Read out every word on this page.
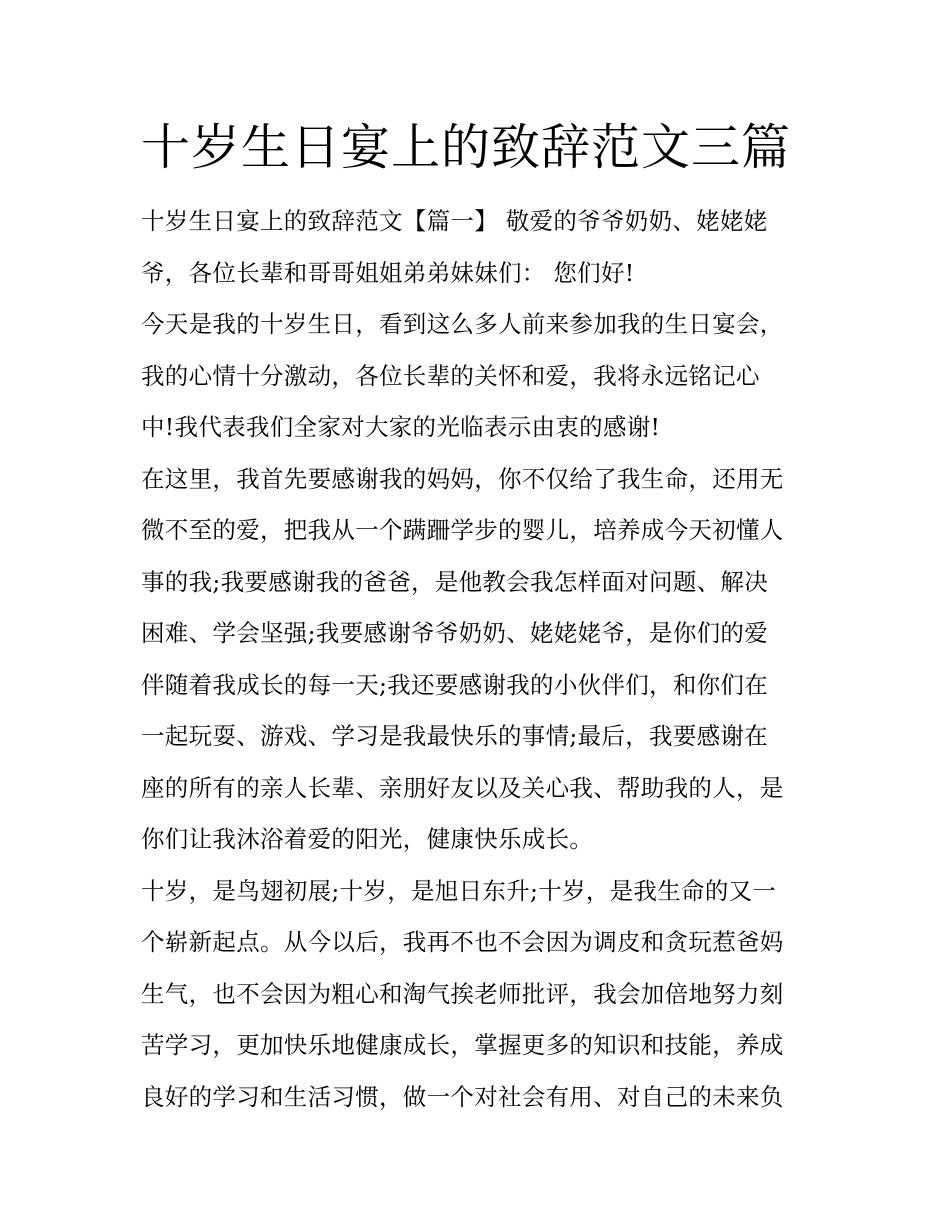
十岁生日宴上的致辞范文三篇
十岁生日宴上的致辞范文【篇一】 敬爱的爷爷奶奶、姥姥姥
爷，各位长辈和哥哥姐姐弟弟妹妹们： 您们好!
今天是我的十岁生日，看到这么多人前来参加我的生日宴会，
我的心情十分激动，各位长辈的关怀和爱，我将永远铭记心
中!我代表我们全家对大家的光临表示由衷的感谢!
在这里，我首先要感谢我的妈妈，你不仅给了我生命，还用无
微不至的爱，把我从一个蹒跚学步的婴儿，培养成今天初懂人
事的我;我要感谢我的爸爸，是他教会我怎样面对问题、解决
困难、学会坚强;我要感谢爷爷奶奶、姥姥姥爷，是你们的爱
伴随着我成长的每一天;我还要感谢我的小伙伴们，和你们在
一起玩耍、游戏、学习是我最快乐的事情;最后，我要感谢在
座的所有的亲人长辈、亲朋好友以及关心我、帮助我的人，是
你们让我沐浴着爱的阳光，健康快乐成长。
十岁，是鸟翅初展;十岁，是旭日东升;十岁，是我生命的又一
个崭新起点。从今以后，我再不也不会因为调皮和贪玩惹爸妈
生气，也不会因为粗心和淘气挨老师批评，我会加倍地努力刻
苦学习，更加快乐地健康成长，掌握更多的知识和技能，养成
良好的学习和生活习惯，做一个对社会有用、对自己的未来负
